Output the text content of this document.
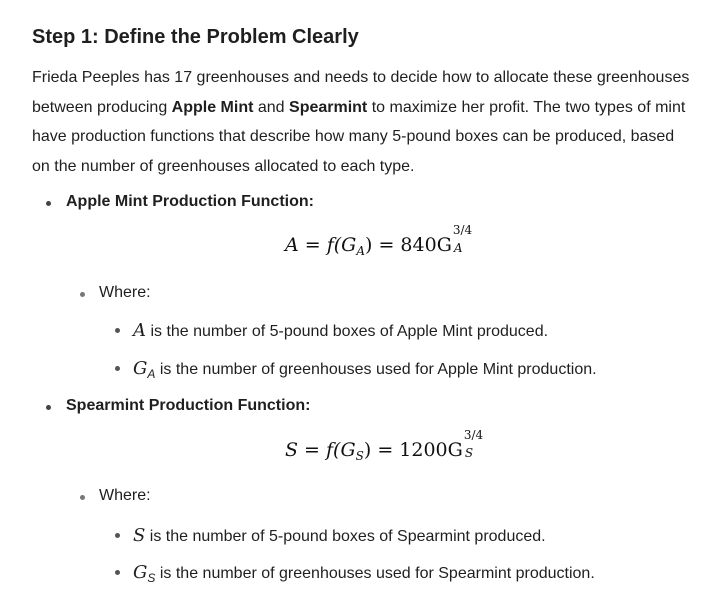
Step 1: Define the Problem Clearly
Frieda Peeples has 17 greenhouses and needs to decide how to allocate these greenhouses between producing Apple Mint and Spearmint to maximize her profit. The two types of mint have production functions that describe how many 5-pound boxes can be produced, based on the number of greenhouses allocated to each type.
Apple Mint Production Function:
$A = f(G_A) = 840G$
3/4
A
Where:
A is the number of 5-pound boxes of Apple Mint produced.
$G_A$ is the number of greenhouses used for Apple Mint production.
Spearmint Production Function:
$S = f(G_S) = 1200G$
3/4
S
Where:
S is the number of 5-pound boxes of Spearmint produced.
$G_S$ is the number of greenhouses used for Spearmint production.
